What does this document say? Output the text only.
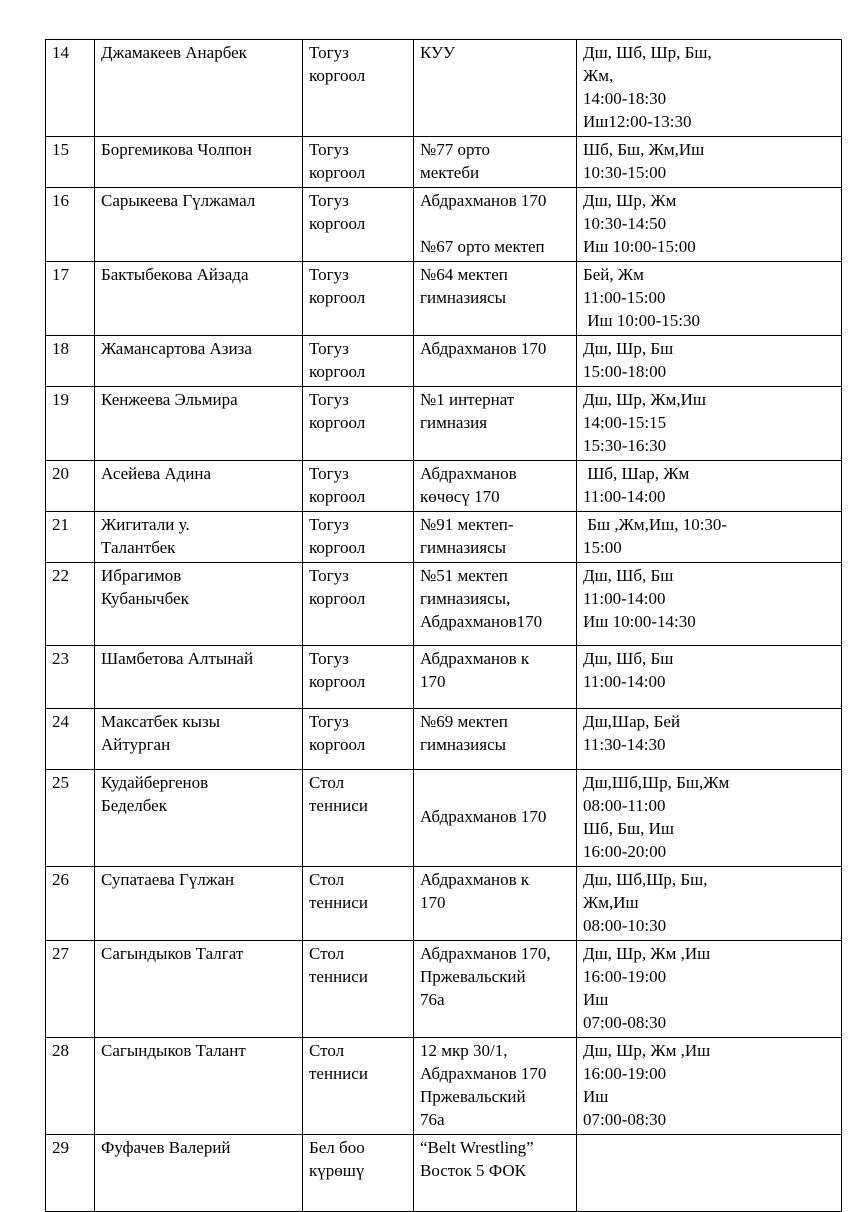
14	Джамакеев Анарбек	Тогуз
коргоол	КУУ	Дш, Шб, Шр, Бш,
Жм,
14:00-18:30
Иш12:00-13:30

15	Боргемикова Чолпон	Тогуз
коргоол	№77 орто
мектеби	Шб, Бш, Жм,Иш
10:30-15:00

16	Сарыкеева Гүлжамал	Тогуз
коргоол	Абдрахманов 170
№67 орто мектеп	Дш, Шр, Жм
10:30-14:50
Иш 10:00-15:00

17	Бактыбекова Айзада	Тогуз
коргоол	№64 мектеп
гимназиясы	Бей, Жм
11:00-15:00
Иш 10:00-15:30

18	Жамансартова Азиза	Тогуз
коргоол	Абдрахманов 170	Дш, Шр, Бш
15:00-18:00

19	Кенжеева Эльмира	Тогуз
коргоол	№1 интернат
гимназия	Дш, Шр, Жм,Иш
14:00-15:15
15:30-16:30

20	Асейева Адина	Тогуз
коргоол	Абдрахманов
көчөсү 170	Шб, Шар, Жм
11:00-14:00

21	Жигитали у.
Талантбек	Тогуз
коргоол	№91 мектеп-
гимназиясы	Бш ,Жм,Иш, 10:30-
15:00

22	Ибрагимов
Кубанычбек	Тогуз
коргоол	№51 мектеп
гимназиясы,
Абдрахманов170	Дш, Шб, Бш
11:00-14:00
Иш 10:00-14:30

23	Шамбетова Алтынай	Тогуз
коргоол	Абдрахманов к
170	Дш, Шб, Бш
11:00-14:00

24	Максатбек кызы
Айтурган	Тогуз
коргоол	№69 мектеп
гимназиясы	Дш,Шар, Бей
11:30-14:30

25	Кудайбергенов
Беделбек	Стол
тенниси	Абдрахманов 170	Дш,Шб,Шр, Бш,Жм
08:00-11:00
Шб, Бш, Иш
16:00-20:00

26	Супатаева Гүлжан	Стол
тенниси	Абдрахманов к
170	Дш, Шб,Шр, Бш,
Жм,Иш
08:00-10:30

27	Сагындыков Талгат	Стол
тенниси	Абдрахманов 170,
Пржевальский
76а	Дш, Шр, Жм ,Иш
16:00-19:00
Иш
07:00-08:30

28	Сагындыков Талант	Стол
тенниси	12 мкр 30/1,
Абдрахманов 170
Пржевальский
76а	Дш, Шр, Жм ,Иш
16:00-19:00
Иш
07:00-08:30

29	Фуфачев Валерий	Бел боо
күрөшү	“Belt Wrestling”
Восток 5 ФОК	
